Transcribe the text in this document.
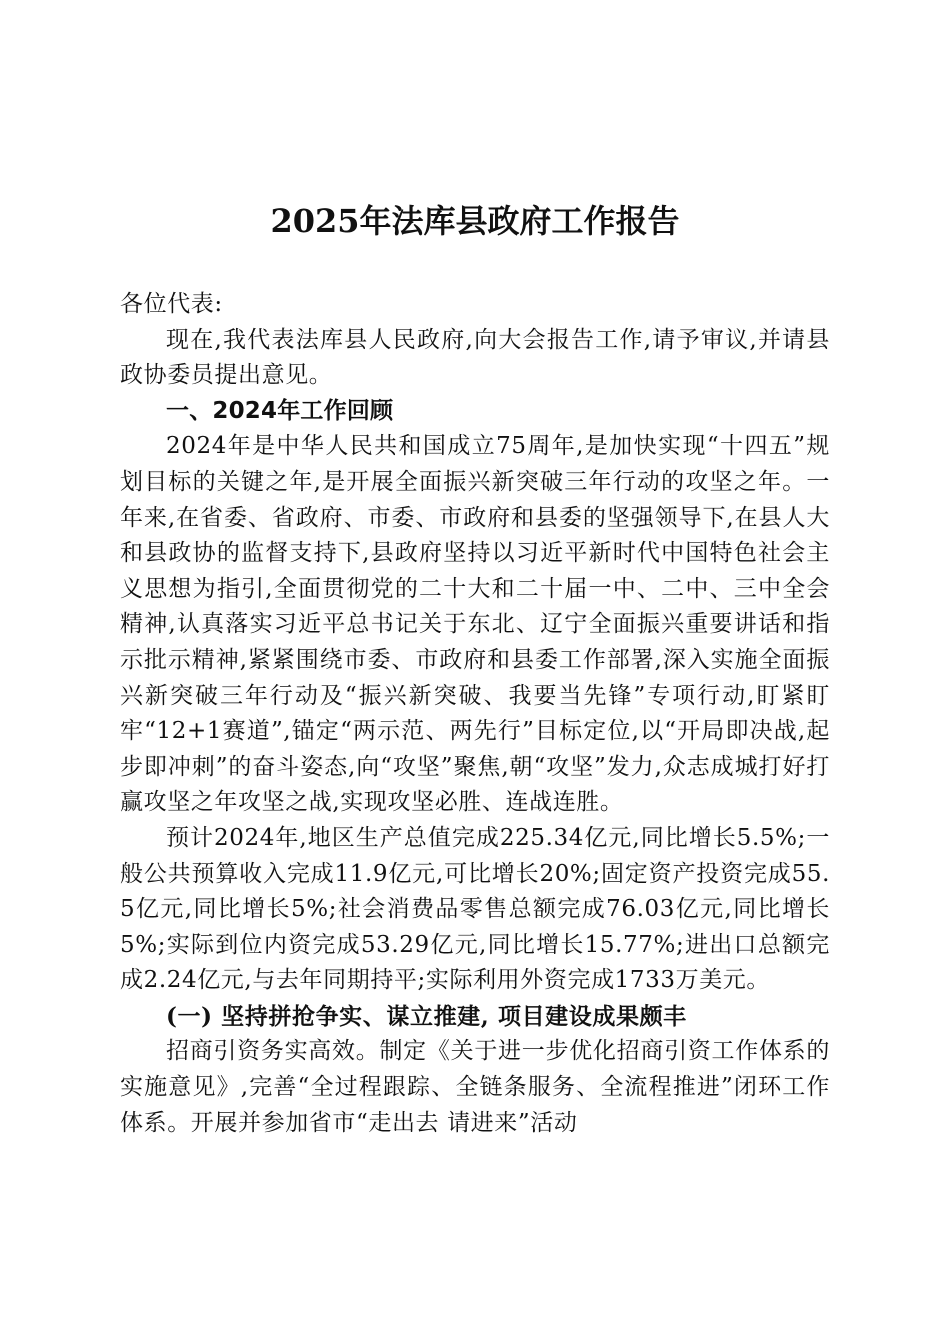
2025年法库县政府工作报告

各位代表:

现在,我代表法库县人民政府,向大会报告工作,请予审议,并请县政协委员提出意见。

一、2024年工作回顾

2024年是中华人民共和国成立75周年,是加快实现“十四五”规划目标的关键之年,是开展全面振兴新突破三年行动的攻坚之年。一年来,在省委、省政府、市委、市政府和县委的坚强领导下,在县人大和县政协的监督支持下,县政府坚持以习近平新时代中国特色社会主义思想为指引,全面贯彻党的二十大和二十届一中、二中、三中全会精神,认真落实习近平总书记关于东北、辽宁全面振兴重要讲话和指示批示精神,紧紧围绕市委、市政府和县委工作部署,深入实施全面振兴新突破三年行动及“振兴新突破、我要当先锋”专项行动,盯紧盯牢“12+1赛道”,锚定“两示范、两先行”目标定位,以“开局即决战,起步即冲刺”的奋斗姿态,向“攻坚”聚焦,朝“攻坚”发力,众志成城打好打赢攻坚之年攻坚之战,实现攻坚必胜、连战连胜。

预计2024年,地区生产总值完成225.34亿元,同比增长5.5%;一般公共预算收入完成11.9亿元,可比增长20%;固定资产投资完成55.5亿元,同比增长5%;社会消费品零售总额完成76.03亿元,同比增长5%;实际到位内资完成53.29亿元,同比增长15.77%;进出口总额完成2.24亿元,与去年同期持平;实际利用外资完成1733万美元。

(一) 坚持拼抢争实、谋立推建, 项目建设成果颇丰

招商引资务实高效。制定《关于进一步优化招商引资工作体系的实施意见》,完善“全过程跟踪、全链条服务、全流程推进”闭环工作体系。开展并参加省市“走出去 请进来”活动
